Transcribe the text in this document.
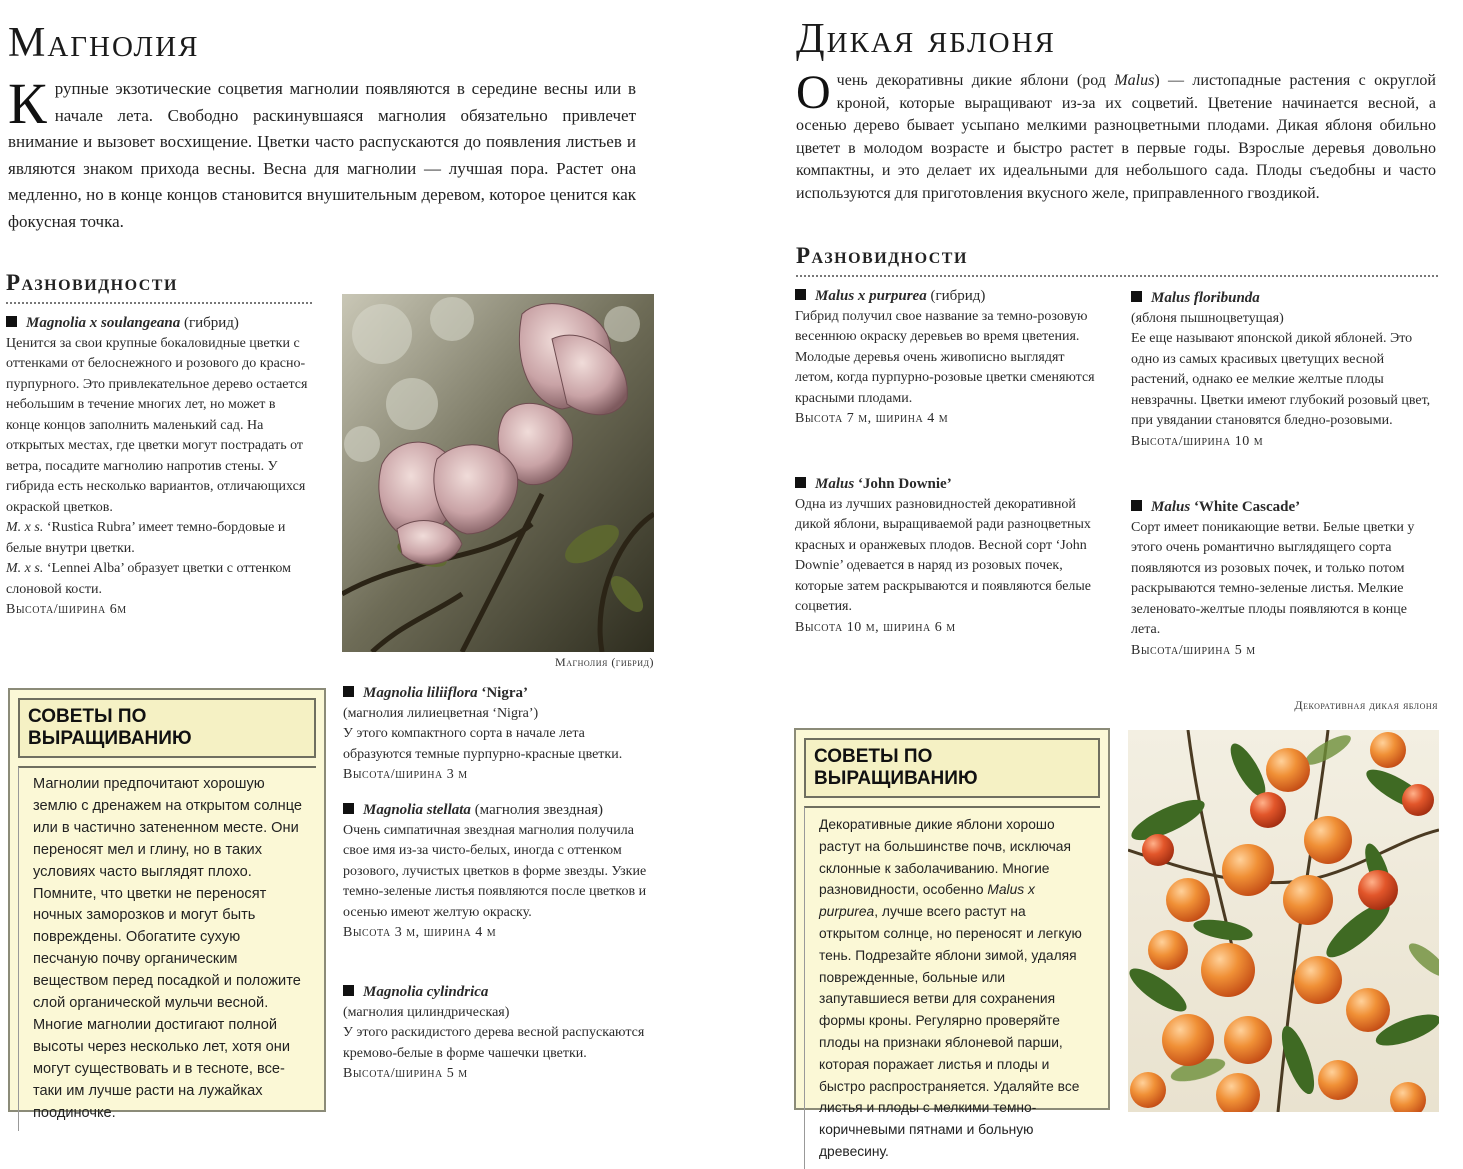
Магнолия

Крупные экзотические соцветия магнолии появляются в середине весны или в начале лета. Свободно раскинувшаяся магнолия обязательно привлечет внимание и вызовет восхищение. Цветки часто распускаются до появления листьев и являются знаком прихода весны. Весна для магнолии — лучшая пора. Растет она медленно, но в конце концов становится внушительным деревом, которое ценится как фокусная точка.

Разновидности
Magnolia x soulangeana (гибрид)

Ценится за свои крупные бокаловидные цветки с оттенками от белоснежного и розового до красно-пурпурного. Это привлекательное дерево остается небольшим в течение многих лет, но может в конце концов заполнить маленький сад. На открытых местах, где цветки могут пострадать от ветра, посадите магнолию напротив стены. У гибрида есть несколько вариантов, отличающихся окраской цветков.

M. x s. ‘Rustica Rubra’ имеет темно-бордовые и белые внутри цветки.

M. x s. ‘Lennei Alba’ образует цветки с оттенком слоновой кости.

Высота/ширина 6м

Магнолия (гибрид)
СОВЕТЫ ПО ВЫРАЩИВАНИЮ
Магнолии предпочитают хорошую землю с дренажем на открытом солнце или в частично затененном месте. Они переносят мел и глину, но в таких условиях часто выглядят плохо. Помните, что цветки не переносят ночных заморозков и могут быть повреждены. Обогатите сухую песчаную почву органическим веществом перед посадкой и положите слой органической мульчи весной. Многие магнолии достигают полной высоты через несколько лет, хотя они могут существовать и в тесноте, все-таки им лучше расти на лужайках поодиночке.
Magnolia liliiflora ‘Nigra’

(магнолия лилиецветная ‘Nigra’)

У этого компактного сорта в начале лета образуются темные пурпурно-красные цветки.

Высота/ширина 3 м

Magnolia stellata (магнолия звездная)

Очень симпатичная звездная магнолия получила свое имя из-за чисто-белых, иногда с оттенком розового, лучистых цветков в форме звезды. Узкие темно-зеленые листья появляются после цветков и осенью имеют желтую окраску.

Высота 3 м, ширина 4 м

Magnolia cylindrica

(магнолия цилиндрическая)

У этого раскидистого дерева весной распускаются кремово-белые в форме чашечки цветки.

Высота/ширина 5 м

Дикая яблоня

Очень декоративны дикие яблони (род Malus) — листопадные растения с округлой кроной, которые выращивают из-за их соцветий. Цветение начинается весной, а осенью дерево бывает усыпано мелкими разноцветными плодами. Дикая яблоня обильно цветет в молодом возрасте и быстро растет в первые годы. Взрослые деревья довольно компактны, и это делает их идеальными для небольшого сада. Плоды съедобны и часто используются для приготовления вкусного желе, приправленного гвоздикой.

Разновидности
Malus x purpurea (гибрид)

Гибрид получил свое название за темно-розовую весеннюю окраску деревьев во время цветения. Молодые деревья очень живописно выглядят летом, когда пурпурно-розовые цветки сменяются красными плодами.

Высота 7 м, ширина 4 м

Malus ‘John Downie’

Одна из лучших разновидностей декоративной дикой яблони, выращиваемой ради разноцветных красных и оранжевых плодов. Весной сорт ‘John Downie’ одевается в наряд из розовых почек, которые затем раскрываются и появляются белые соцветия.

Высота 10 м, ширина 6 м

Malus floribunda

(яблоня пышноцветущая)

Ее еще называют японской дикой яблоней. Это одно из самых красивых цветущих весной растений, однако ее мелкие желтые плоды невзрачны. Цветки имеют глубокий розовый цвет, при увядании становятся бледно-розовыми.

Высота/ширина 10 м

Malus ‘White Cascade’

Сорт имеет поникающие ветви. Белые цветки у этого очень романтично выглядящего сорта появляются из розовых почек, и только потом раскрываются темно-зеленые листья. Мелкие зеленовато-желтые плоды появляются в конце лета.

Высота/ширина 5 м

Декоративная дикая яблоня
СОВЕТЫ ПО ВЫРАЩИВАНИЮ
Декоративные дикие яблони хорошо растут на большинстве почв, исключая склонные к заболачиванию. Многие разновидности, особенно Malus x purpurea, лучше всего растут на открытом солнце, но переносят и легкую тень. Подрезайте яблони зимой, удаляя поврежденные, больные или запутавшиеся ветви для сохранения формы кроны. Регулярно проверяйте плоды на признаки яблоневой парши, которая поражает листья и плоды и быстро распространяется. Удаляйте все листья и плоды с мелкими темно-коричневыми пятнами и больную древесину.
